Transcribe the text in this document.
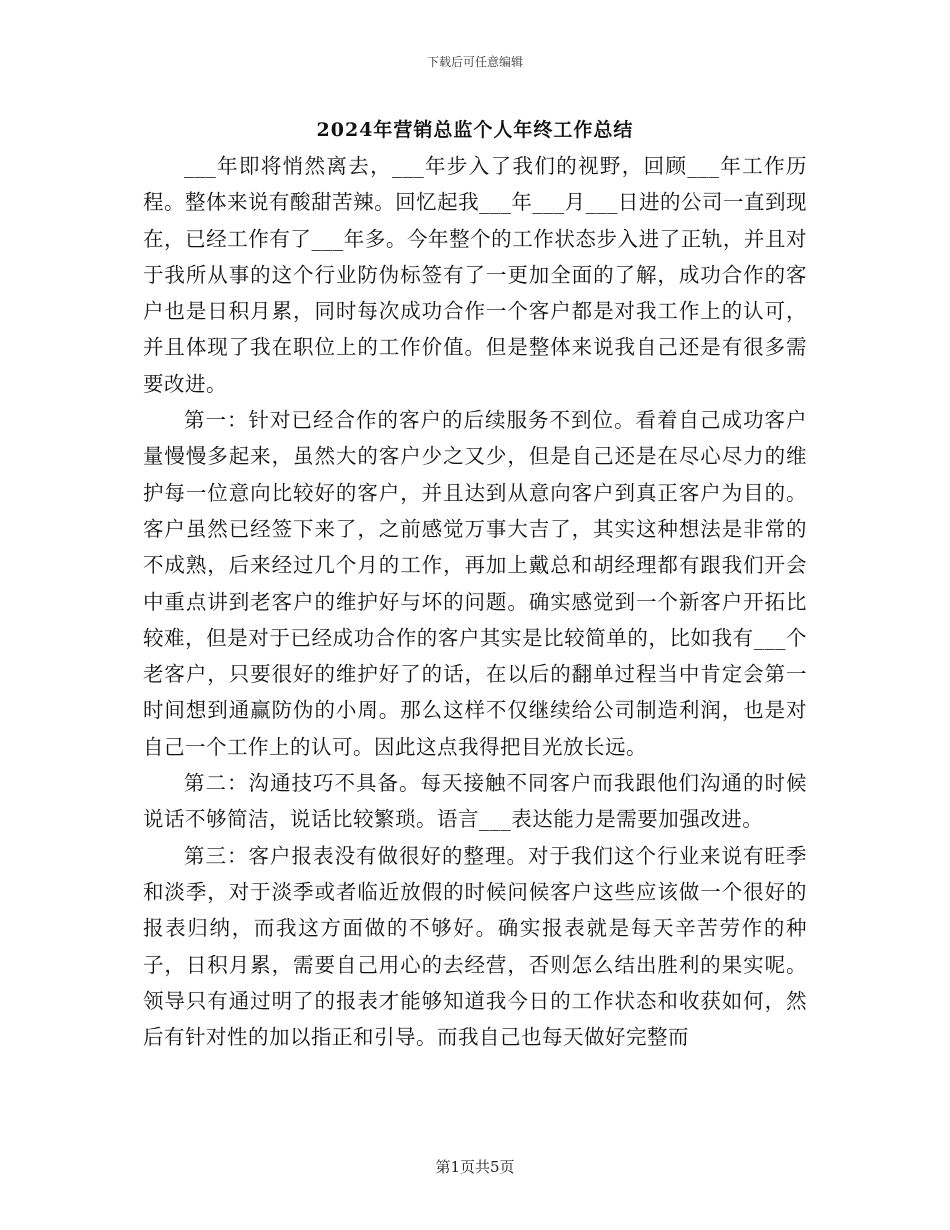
下载后可任意编辑
2024年营销总监个人年终工作总结

___年即将悄然离去，___年步入了我们的视野，回顾___年工作历程。整体来说有酸甜苦辣。回忆起我___年___月___日进的公司一直到现在，已经工作有了___年多。今年整个的工作状态步入进了正轨，并且对于我所从事的这个行业防伪标签有了一更加全面的了解，成功合作的客户也是日积月累，同时每次成功合作一个客户都是对我工作上的认可，并且体现了我在职位上的工作价值。但是整体来说我自己还是有很多需要改进。

第一：针对已经合作的客户的后续服务不到位。看着自己成功客户量慢慢多起来，虽然大的客户少之又少，但是自己还是在尽心尽力的维护每一位意向比较好的客户，并且达到从意向客户到真正客户为目的。客户虽然已经签下来了，之前感觉万事大吉了，其实这种想法是非常的不成熟，后来经过几个月的工作，再加上戴总和胡经理都有跟我们开会中重点讲到老客户的维护好与坏的问题。确实感觉到一个新客户开拓比较难，但是对于已经成功合作的客户其实是比较简单的，比如我有___个老客户，只要很好的维护好了的话，在以后的翻单过程当中肯定会第一时间想到通赢防伪的小周。那么这样不仅继续给公司制造利润，也是对自己一个工作上的认可。因此这点我得把目光放长远。

第二：沟通技巧不具备。每天接触不同客户而我跟他们沟通的时候说话不够简洁，说话比较繁琐。语言___表达能力是需要加强改进。

第三：客户报表没有做很好的整理。对于我们这个行业来说有旺季和淡季，对于淡季或者临近放假的时候问候客户这些应该做一个很好的报表归纳，而我这方面做的不够好。确实报表就是每天辛苦劳作的种子，日积月累，需要自己用心的去经营，否则怎么结出胜利的果实呢。领导只有通过明了的报表才能够知道我今日的工作状态和收获如何，然后有针对性的加以指正和引导。而我自己也每天做好完整而

第1页共5页
